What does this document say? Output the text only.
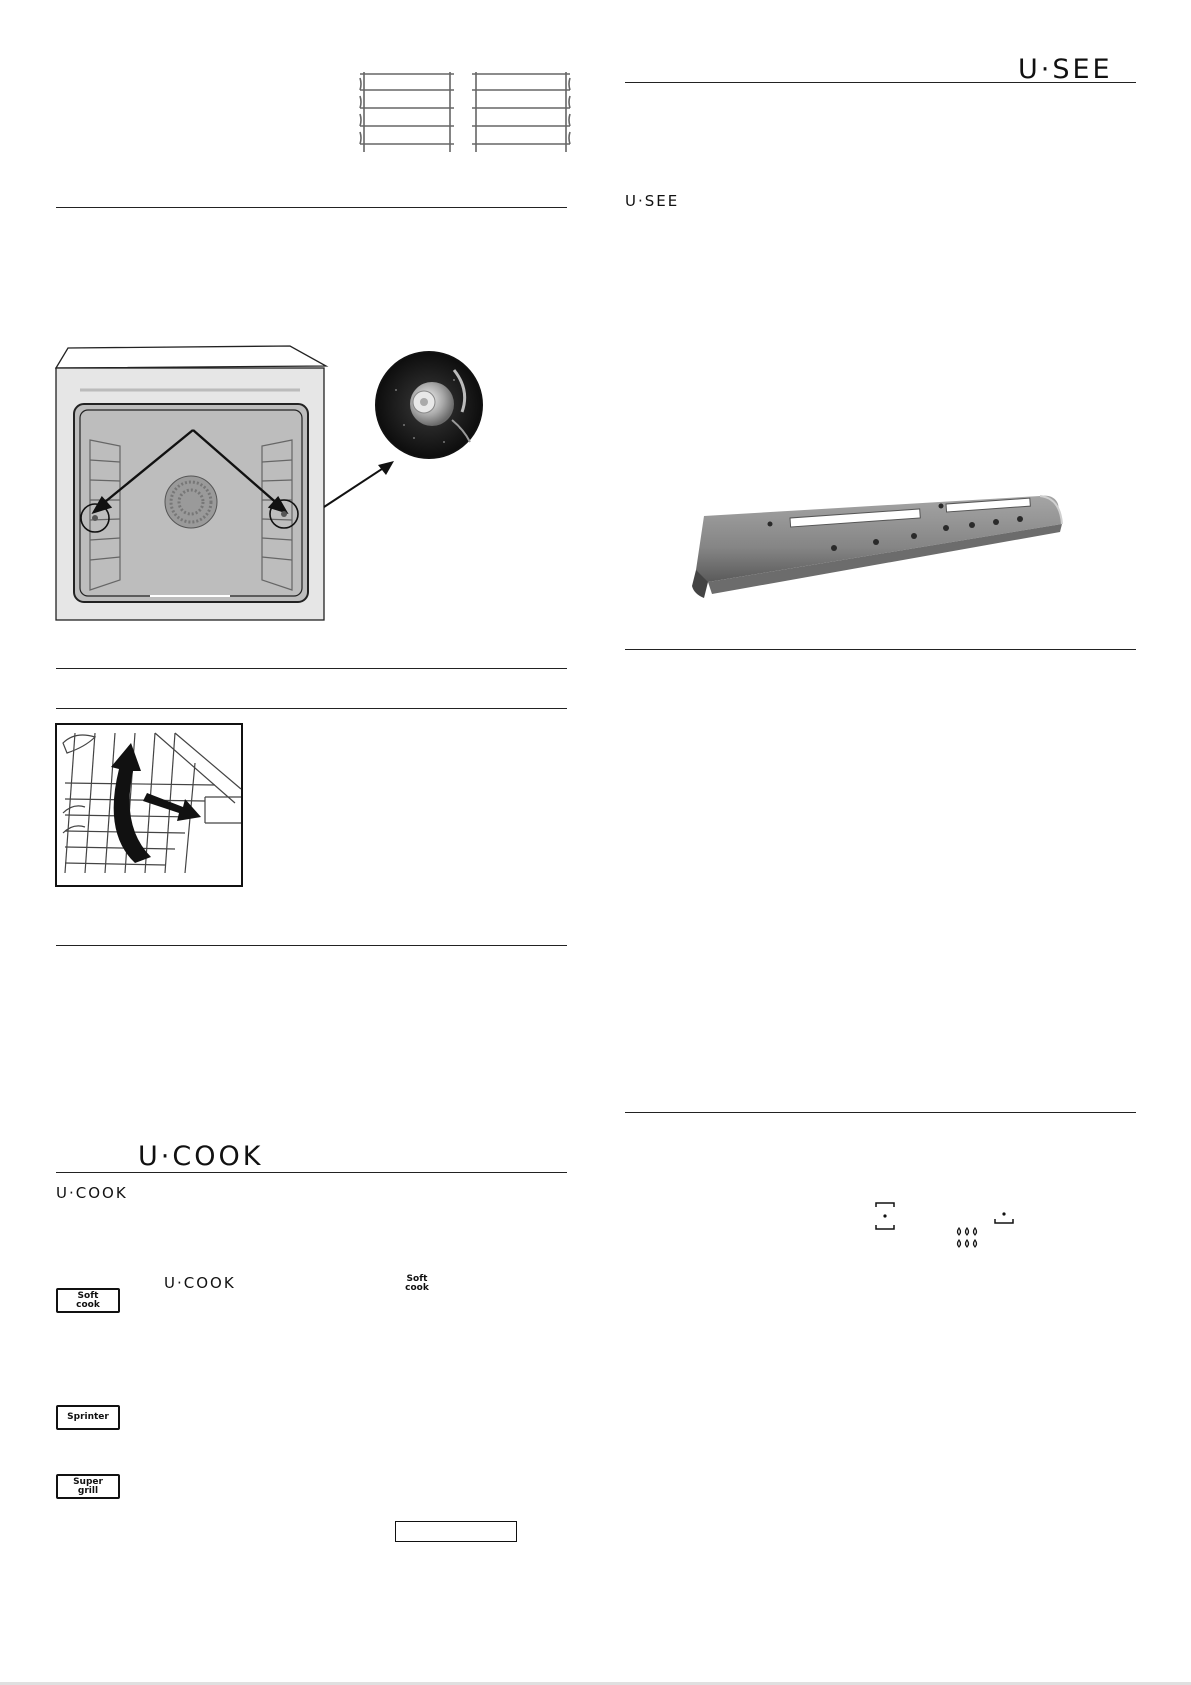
U·COOK
U·COOK
U·COOK	Soft cook
Soft cook
Sprinter
Super grill
U·SEE
U·SEE
